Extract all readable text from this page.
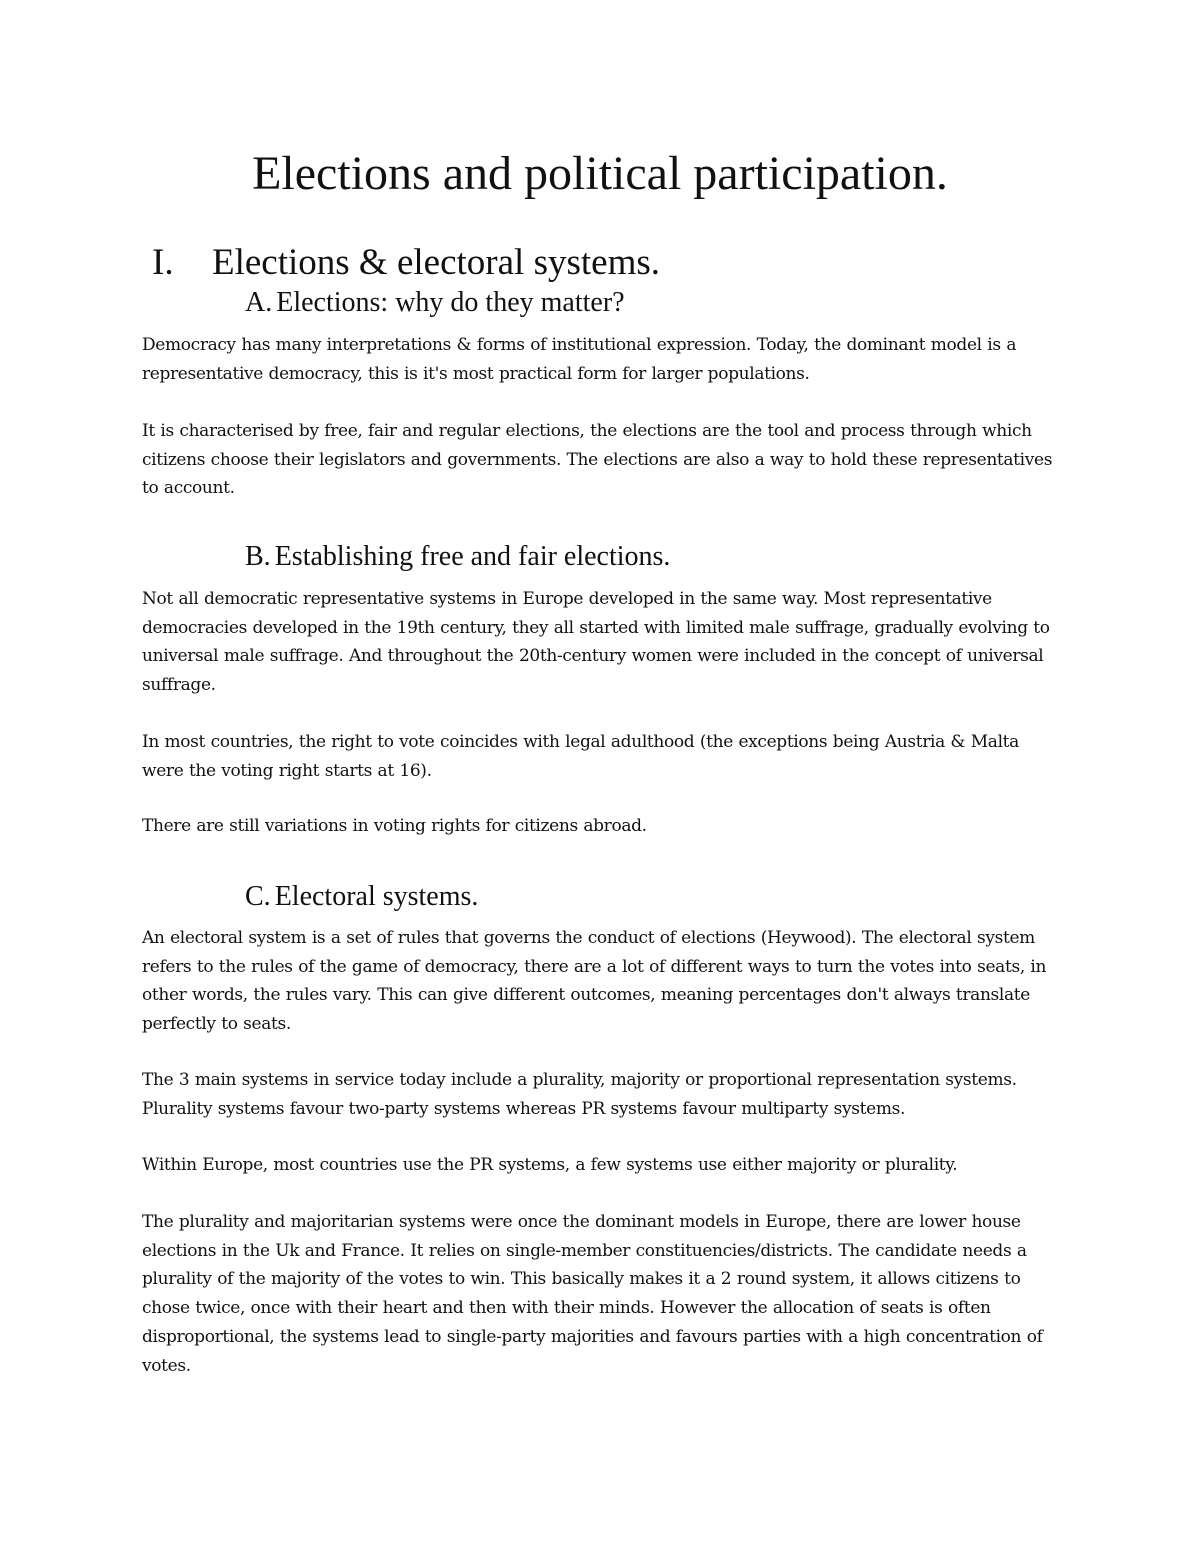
Elections and political participation.
I. Elections & electoral systems.
A. Elections: why do they matter?

Democracy has many interpretations & forms of institutional expression. Today, the dominant model is a representative democracy, this is it's most practical form for larger populations.

It is characterised by free, fair and regular elections, the elections are the tool and process through which citizens choose their legislators and governments. The elections are also a way to hold these representatives to account.

B. Establishing free and fair elections.

Not all democratic representative systems in Europe developed in the same way. Most representative democracies developed in the 19th century, they all started with limited male suffrage, gradually evolving to universal male suffrage. And throughout the 20th-century women were included in the concept of universal suffrage.

In most countries, the right to vote coincides with legal adulthood (the exceptions being Austria & Malta were the voting right starts at 16).

There are still variations in voting rights for citizens abroad.

C. Electoral systems.

An electoral system is a set of rules that governs the conduct of elections (Heywood). The electoral system refers to the rules of the game of democracy, there are a lot of different ways to turn the votes into seats, in other words, the rules vary. This can give different outcomes, meaning percentages don't always translate perfectly to seats.

The 3 main systems in service today include a plurality, majority or proportional representation systems. Plurality systems favour two-party systems whereas PR systems favour multiparty systems.

Within Europe, most countries use the PR systems, a few systems use either majority or plurality.

The plurality and majoritarian systems were once the dominant models in Europe, there are lower house elections in the Uk and France. It relies on single-member constituencies/districts. The candidate needs a plurality of the majority of the votes to win. This basically makes it a 2 round system, it allows citizens to chose twice, once with their heart and then with their minds. However the allocation of seats is often disproportional, the systems lead to single-party majorities and favours parties with a high concentration of votes.
